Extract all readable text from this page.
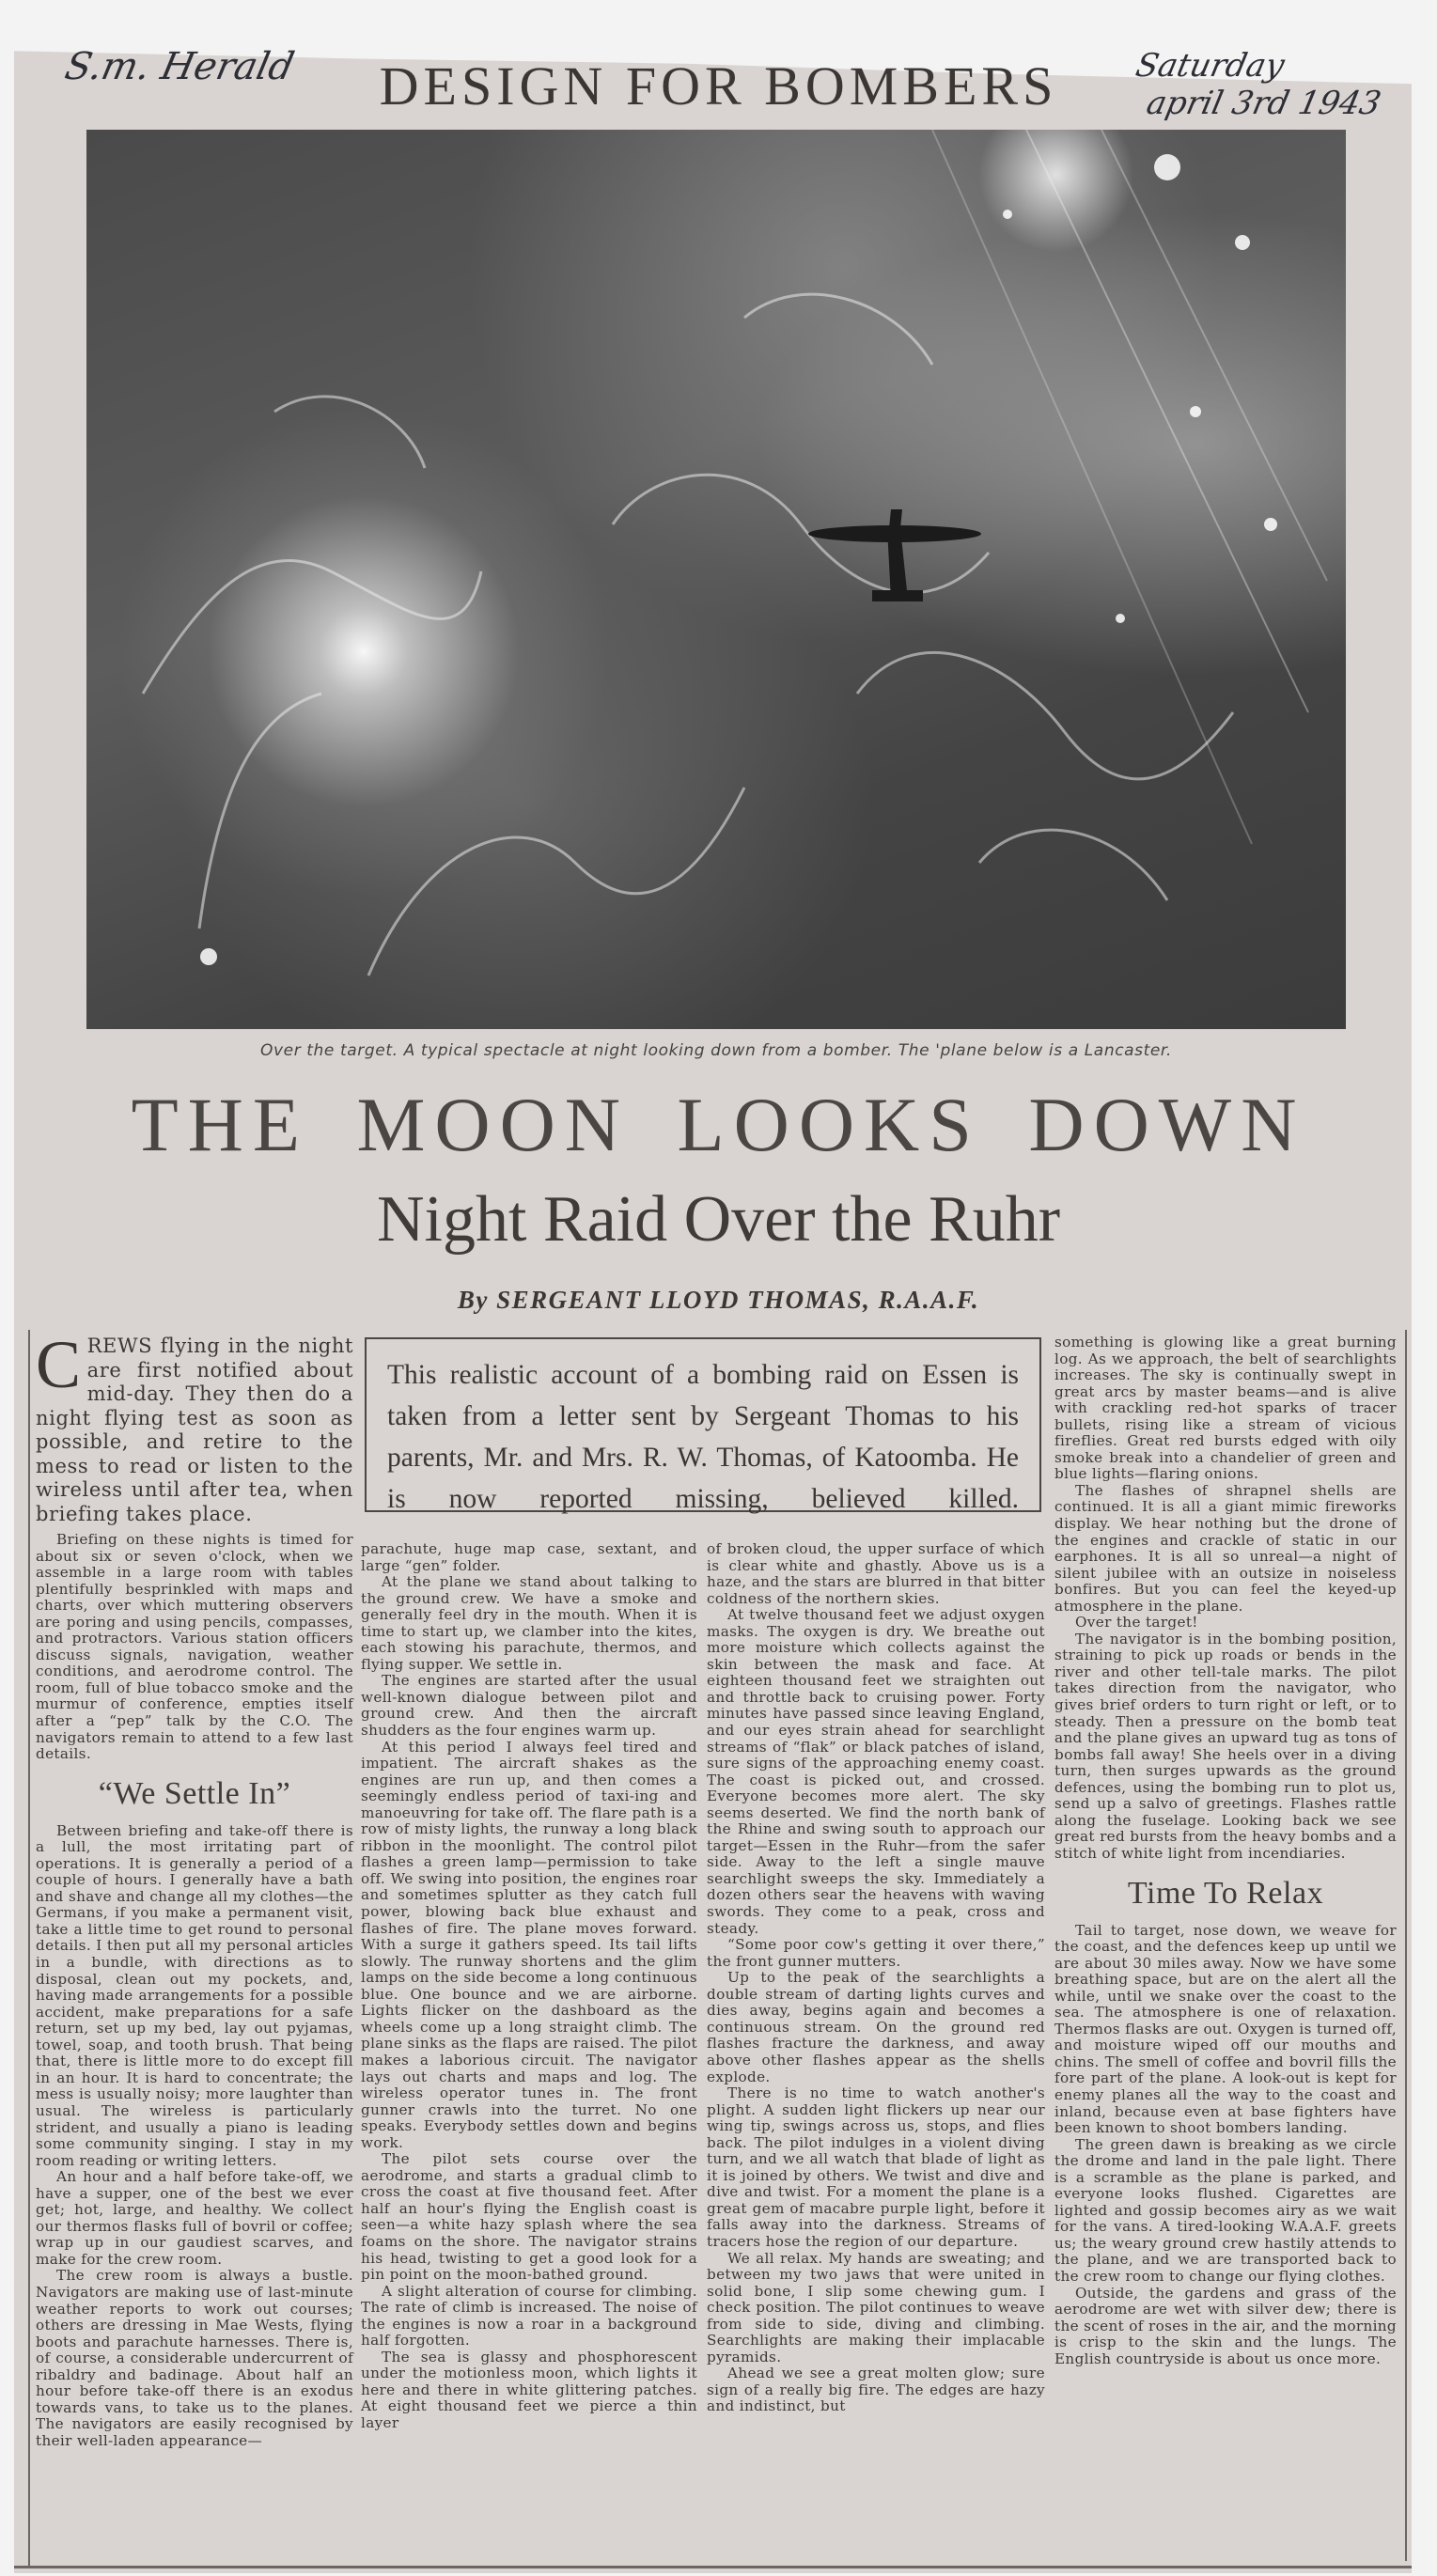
S.m. Herald	Saturday
april 3rd 1943
DESIGN FOR BOMBERS
Over the target. A typical spectacle at night looking down from a bomber. The 'plane below is a Lancaster.
THE MOON LOOKS DOWN
Night Raid Over the Ruhr
By SERGEANT LLOYD THOMAS, R.A.A.F.
This realistic account of a bombing raid on Essen is taken from a letter sent by Sergeant Thomas to his parents, Mr. and Mrs. R. W. Thomas, of Katoomba. He is now reported missing, believed killed.

CREWS flying in the night are first notified about mid-day. They then do a night flying test as soon as possible, and retire to the mess to read or listen to the wireless until after tea, when briefing takes place.

Briefing on these nights is timed for about six or seven o'clock, when we assemble in a large room with tables plentifully besprinkled with maps and charts, over which muttering observers are poring and using pencils, compasses, and protractors. Various station officers discuss signals, navigation, weather conditions, and aerodrome control. The room, full of blue tobacco smoke and the murmur of conference, empties itself after a “pep” talk by the C.O. The navigators remain to attend to a few last details.

“We Settle In”

Between briefing and take-off there is a lull, the most irritating part of operations. It is generally a period of a couple of hours. I generally have a bath and shave and change all my clothes—the Germans, if you make a permanent visit, take a little time to get round to personal details. I then put all my personal articles in a bundle, with directions as to disposal, clean out my pockets, and, having made arrangements for a possible accident, make preparations for a safe return, set up my bed, lay out pyjamas, towel, soap, and tooth brush. That being that, there is little more to do except fill in an hour. It is hard to concentrate; the mess is usually noisy; more laughter than usual. The wireless is particularly strident, and usually a piano is leading some community singing. I stay in my room reading or writing letters.

An hour and a half before take-off, we have a supper, one of the best we ever get; hot, large, and healthy. We collect our thermos flasks full of bovril or coffee; wrap up in our gaudiest scarves, and make for the crew room.

The crew room is always a bustle. Navigators are making use of last-minute weather reports to work out courses; others are dressing in Mae Wests, flying boots and parachute harnesses. There is, of course, a considerable undercurrent of ribaldry and badinage. About half an hour before take-off there is an exodus towards vans, to take us to the planes. The navigators are easily recognised by their well-laden appearance—

parachute, huge map case, sextant, and large “gen” folder.

At the plane we stand about talking to the ground crew. We have a smoke and generally feel dry in the mouth. When it is time to start up, we clamber into the kites, each stowing his parachute, thermos, and flying supper. We settle in.

The engines are started after the usual well-known dialogue between pilot and ground crew. And then the aircraft shudders as the four engines warm up.

At this period I always feel tired and impatient. The aircraft shakes as the engines are run up, and then comes a seemingly endless period of taxi-ing and manoeuvring for take off. The flare path is a row of misty lights, the runway a long black ribbon in the moonlight. The control pilot flashes a green lamp—permission to take off. We swing into position, the engines roar and sometimes splutter as they catch full power, blowing back blue exhaust and flashes of fire. The plane moves forward. With a surge it gathers speed. Its tail lifts slowly. The runway shortens and the glim lamps on the side become a long continuous blue. One bounce and we are airborne. Lights flicker on the dashboard as the wheels come up a long straight climb. The plane sinks as the flaps are raised. The pilot makes a laborious circuit. The navigator lays out charts and maps and log. The wireless operator tunes in. The front gunner crawls into the turret. No one speaks. Everybody settles down and begins work.

The pilot sets course over the aerodrome, and starts a gradual climb to cross the coast at five thousand feet. After half an hour's flying the English coast is seen—a white hazy splash where the sea foams on the shore. The navigator strains his head, twisting to get a good look for a pin point on the moon-bathed ground.

A slight alteration of course for climbing. The rate of climb is increased. The noise of the engines is now a roar in a background half forgotten.

The sea is glassy and phosphorescent under the motionless moon, which lights it here and there in white glittering patches. At eight thousand feet we pierce a thin layer

of broken cloud, the upper surface of which is clear white and ghastly. Above us is a haze, and the stars are blurred in that bitter coldness of the northern skies.

At twelve thousand feet we adjust oxygen masks. The oxygen is dry. We breathe out more moisture which collects against the skin between the mask and face. At eighteen thousand feet we straighten out and throttle back to cruising power. Forty minutes have passed since leaving England, and our eyes strain ahead for searchlight streams of “flak” or black patches of island, sure signs of the approaching enemy coast. The coast is picked out, and crossed. Everyone becomes more alert. The sky seems deserted. We find the north bank of the Rhine and swing south to approach our target—Essen in the Ruhr—from the safer side. Away to the left a single mauve searchlight sweeps the sky. Immediately a dozen others sear the heavens with waving swords. They come to a peak, cross and steady.

“Some poor cow's getting it over there,” the front gunner mutters.

Up to the peak of the searchlights a double stream of darting lights curves and dies away, begins again and becomes a continuous stream. On the ground red flashes fracture the darkness, and away above other flashes appear as the shells explode.

There is no time to watch another's plight. A sudden light flickers up near our wing tip, swings across us, stops, and flies back. The pilot indulges in a violent diving turn, and we all watch that blade of light as it is joined by others. We twist and dive and dive and twist. For a moment the plane is a great gem of macabre purple light, before it falls away into the darkness. Streams of tracers hose the region of our departure.

We all relax. My hands are sweating; and between my two jaws that were united in solid bone, I slip some chewing gum. I check position. The pilot continues to weave from side to side, diving and climbing. Searchlights are making their implacable pyramids.

Ahead we see a great molten glow; sure sign of a really big fire. The edges are hazy and indistinct, but

something is glowing like a great burning log. As we approach, the belt of searchlights increases. The sky is continually swept in great arcs by master beams—and is alive with crackling red-hot sparks of tracer bullets, rising like a stream of vicious fireflies. Great red bursts edged with oily smoke break into a chandelier of green and blue lights—flaring onions.

The flashes of shrapnel shells are continued. It is all a giant mimic fireworks display. We hear nothing but the drone of the engines and crackle of static in our earphones. It is all so unreal—a night of silent jubilee with an outsize in noiseless bonfires. But you can feel the keyed-up atmosphere in the plane.

Over the target!

The navigator is in the bombing position, straining to pick up roads or bends in the river and other tell-tale marks. The pilot takes direction from the navigator, who gives brief orders to turn right or left, or to steady. Then a pressure on the bomb teat and the plane gives an upward tug as tons of bombs fall away! She heels over in a diving turn, then surges upwards as the ground defences, using the bombing run to plot us, send up a salvo of greetings. Flashes rattle along the fuselage. Looking back we see great red bursts from the heavy bombs and a stitch of white light from incendiaries.

Time To Relax

Tail to target, nose down, we weave for the coast, and the defences keep up until we are about 30 miles away. Now we have some breathing space, but are on the alert all the while, until we snake over the coast to the sea. The atmosphere is one of relaxation. Thermos flasks are out. Oxygen is turned off, and moisture wiped off our mouths and chins. The smell of coffee and bovril fills the fore part of the plane. A look-out is kept for enemy planes all the way to the coast and inland, because even at base fighters have been known to shoot bombers landing.

The green dawn is breaking as we circle the drome and land in the pale light. There is a scramble as the plane is parked, and everyone looks flushed. Cigarettes are lighted and gossip becomes airy as we wait for the vans. A tired-looking W.A.A.F. greets us; the weary ground crew hastily attends to the plane, and we are transported back to the crew room to change our flying clothes.

Outside, the gardens and grass of the aerodrome are wet with silver dew; there is the scent of roses in the air, and the morning is crisp to the skin and the lungs. The English countryside is about us once more.
